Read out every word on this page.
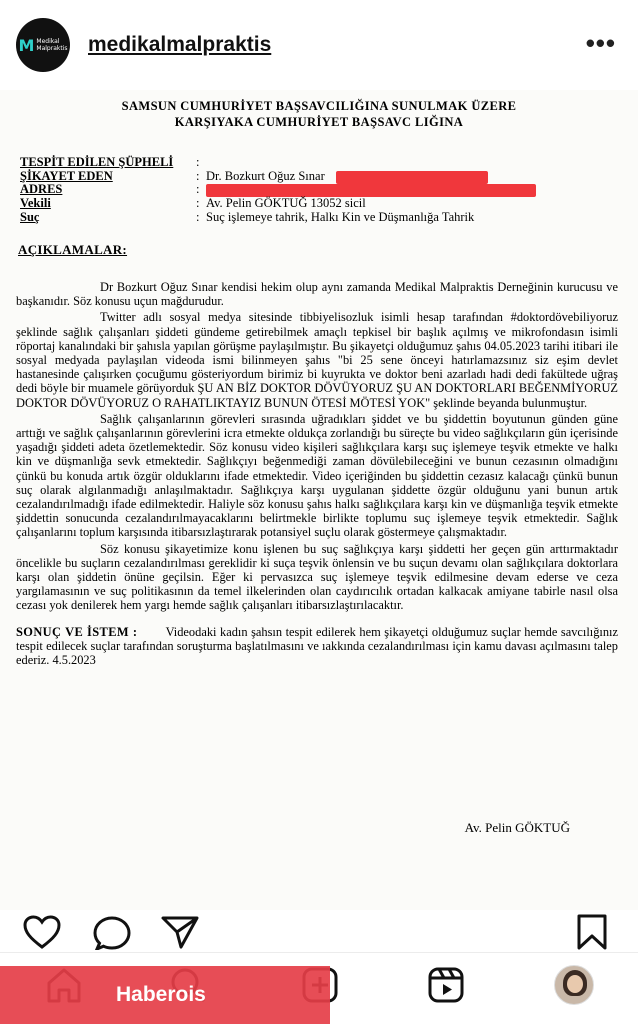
M Medikal
Malpraktis medikalmalpraktis	•••
SAMSUN CUMHURİYET BAŞSAVCILIĞINA SUNULMAK ÜZERE
KARŞIYAKA CUMHURİYET BAŞSAVC LIĞINA
TESPİT EDİLEN ŞÜPHELİ	:
ŞİKAYET EDEN	: Dr. Bozkurt Oğuz Sınar
ADRES	:
Vekili	: Av. Pelin GÖKTUĞ 13052 sicil
Suç	: Suç işlemeye tahrik, Halkı Kin ve Düşmanlığa Tahrik
AÇIKLAMALAR:
Dr Bozkurt Oğuz Sınar kendisi hekim olup aynı zamanda Medikal Malpraktis Derneğinin kurucusu ve başkanıdır. Söz konusu uçun mağdurudur.
Twitter adlı sosyal medya sitesinde tibbiyelisozluk isimli hesap tarafından #doktordövebiliyoruz şeklinde sağlık çalışanları şiddeti gündeme getirebilmek amaçlı tepkisel bir başlık açılmış ve mikrofondasın isimli röportaj kanalındaki bir şahısla yapılan görüşme paylaşılmıştır. Bu şikayetçi olduğumuz şahıs 04.05.2023 tarihi itibari ile sosyal medyada paylaşılan videoda ismi bilinmeyen şahıs "bi 25 sene önceyi hatırlamazsınız siz eşim devlet hastanesinde çalışırken çocuğumu gösteriyordum birimiz bi kuyrukta ve doktor beni azarladı hadi dedi fakültede uğraş dedi böyle bir muamele görüyorduk ŞU AN BİZ DOKTOR DÖVÜYORUZ ŞU AN DOKTORLARI BEĞENMİYORUZ DOKTOR DÖVÜYORUZ O RAHATLIKTAYIZ BUNUN ÖTESİ MÖTESİ YOK" şeklinde beyanda bulunmuştur.
Sağlık çalışanlarının görevleri sırasında uğradıkları şiddet ve bu şiddettin boyutunun günden güne arttığı ve sağlık çalışanlarının görevlerini icra etmekte oldukça zorlandığı bu süreçte bu video sağlıkçıların gün içerisinde yaşadığı şiddeti adeta özetlemektedir. Söz konusu video kişileri sağlıkçılara karşı suç işlemeye teşvik etmekte ve halkı kin ve düşmanlığa sevk etmektedir. Sağlıkçıyı beğenmediği zaman dövülebileceğini ve bunun cezasının olmadığını çünkü bu konuda artık özgür olduklarını ifade etmektedir. Video içeriğinden bu şiddettin cezasız kalacağı çünkü bunun suç olarak algılanmadığı anlaşılmaktadır. Sağlıkçıya karşı uygulanan şiddette özgür olduğunu yani bunun artık cezalandırılmadığı ifade edilmektedir. Haliyle söz konusu şahıs halkı sağlıkçılara karşı kin ve düşmanlığa teşvik etmekte şiddettin sonucunda cezalandırılmayacaklarını belirtmekle birlikte toplumu suç işlemeye teşvik etmektedir. Sağlık çalışanlarını toplum karşısında itibarsızlaştırarak potansiyel suçlu olarak göstermeye çalışmaktadır.
Söz konusu şikayetimize konu işlenen bu suç sağlıkçıya karşı şiddetti her geçen gün arttırmaktadır öncelikle bu suçların cezalandırılması gereklidir ki suça teşvik önlensin ve bu suçun devamı olan sağlıkçılara doktorlara karşı olan şiddetin önüne geçilsin. Eğer ki pervasızca suç işlemeye teşvik edilmesine devam ederse ve ceza yargılamasının ve suç politikasının da temel ilkelerinden olan caydırıcılık ortadan kalkacak amiyane tabirle nasıl olsa cezası yok denilerek hem yargı hemde sağlık çalışanları itibarsızlaştırılacaktır.
SONUÇ VE İSTEM : Videodaki kadın şahsın tespit edilerek hem şikayetçi olduğumuz suçlar hemde savcılığınız tespit edilecek suçlar tarafından soruşturma başlatılmasını ve ıakkında cezalandırılması için kamu davası açılmasını talep ederiz. 4.5.2023
Av. Pelin GÖKTUĞ
Haberois
